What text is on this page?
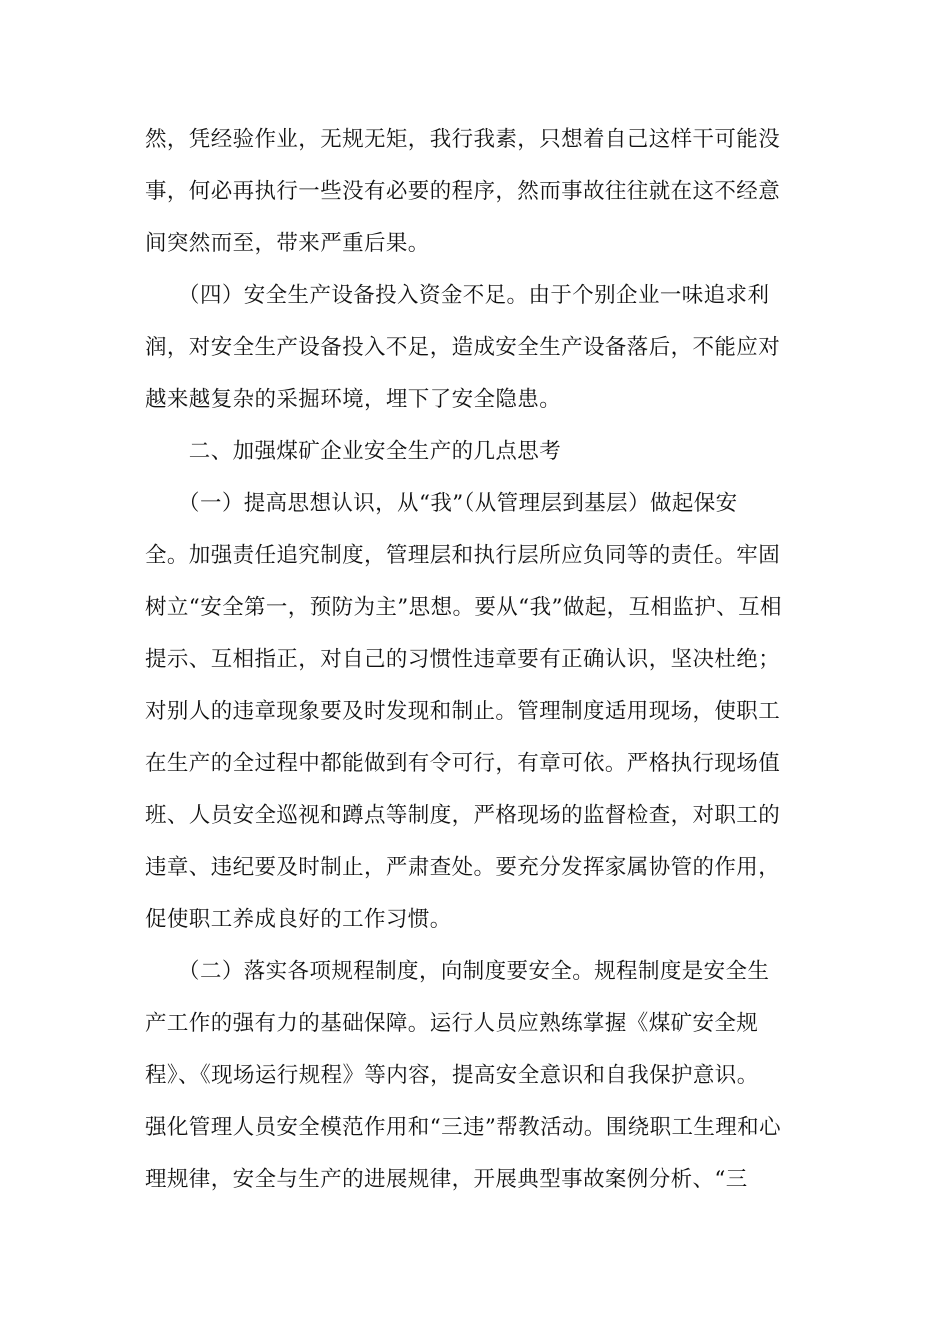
然，凭经验作业，无规无矩，我行我素，只想着自己这样干可能没
事，何必再执行一些没有必要的程序，然而事故往往就在这不经意
间突然而至，带来严重后果。
　　（四）安全生产设备投入资金不足。由于个别企业一味追求利
润，对安全生产设备投入不足，造成安全生产设备落后，不能应对
越来越复杂的采掘环境，埋下了安全隐患。
　　二、加强煤矿企业安全生产的几点思考
　　（一）提高思想认识，从“我”（从管理层到基层）做起保安
全。加强责任追究制度，管理层和执行层所应负同等的责任。牢固
树立“安全第一，预防为主”思想。要从“我”做起，互相监护、互相
提示、互相指正，对自己的习惯性违章要有正确认识，坚决杜绝；
对别人的违章现象要及时发现和制止。管理制度适用现场，使职工
在生产的全过程中都能做到有令可行，有章可依。严格执行现场值
班、人员安全巡视和蹲点等制度，严格现场的监督检查，对职工的
违章、违纪要及时制止，严肃查处。要充分发挥家属协管的作用，
促使职工养成良好的工作习惯。
　　（二）落实各项规程制度，向制度要安全。规程制度是安全生
产工作的强有力的基础保障。运行人员应熟练掌握《煤矿安全规
程》、《现场运行规程》等内容，提高安全意识和自我保护意识。
强化管理人员安全模范作用和“三违”帮教活动。围绕职工生理和心
理规律，安全与生产的进展规律，开展典型事故案例分析、“三
